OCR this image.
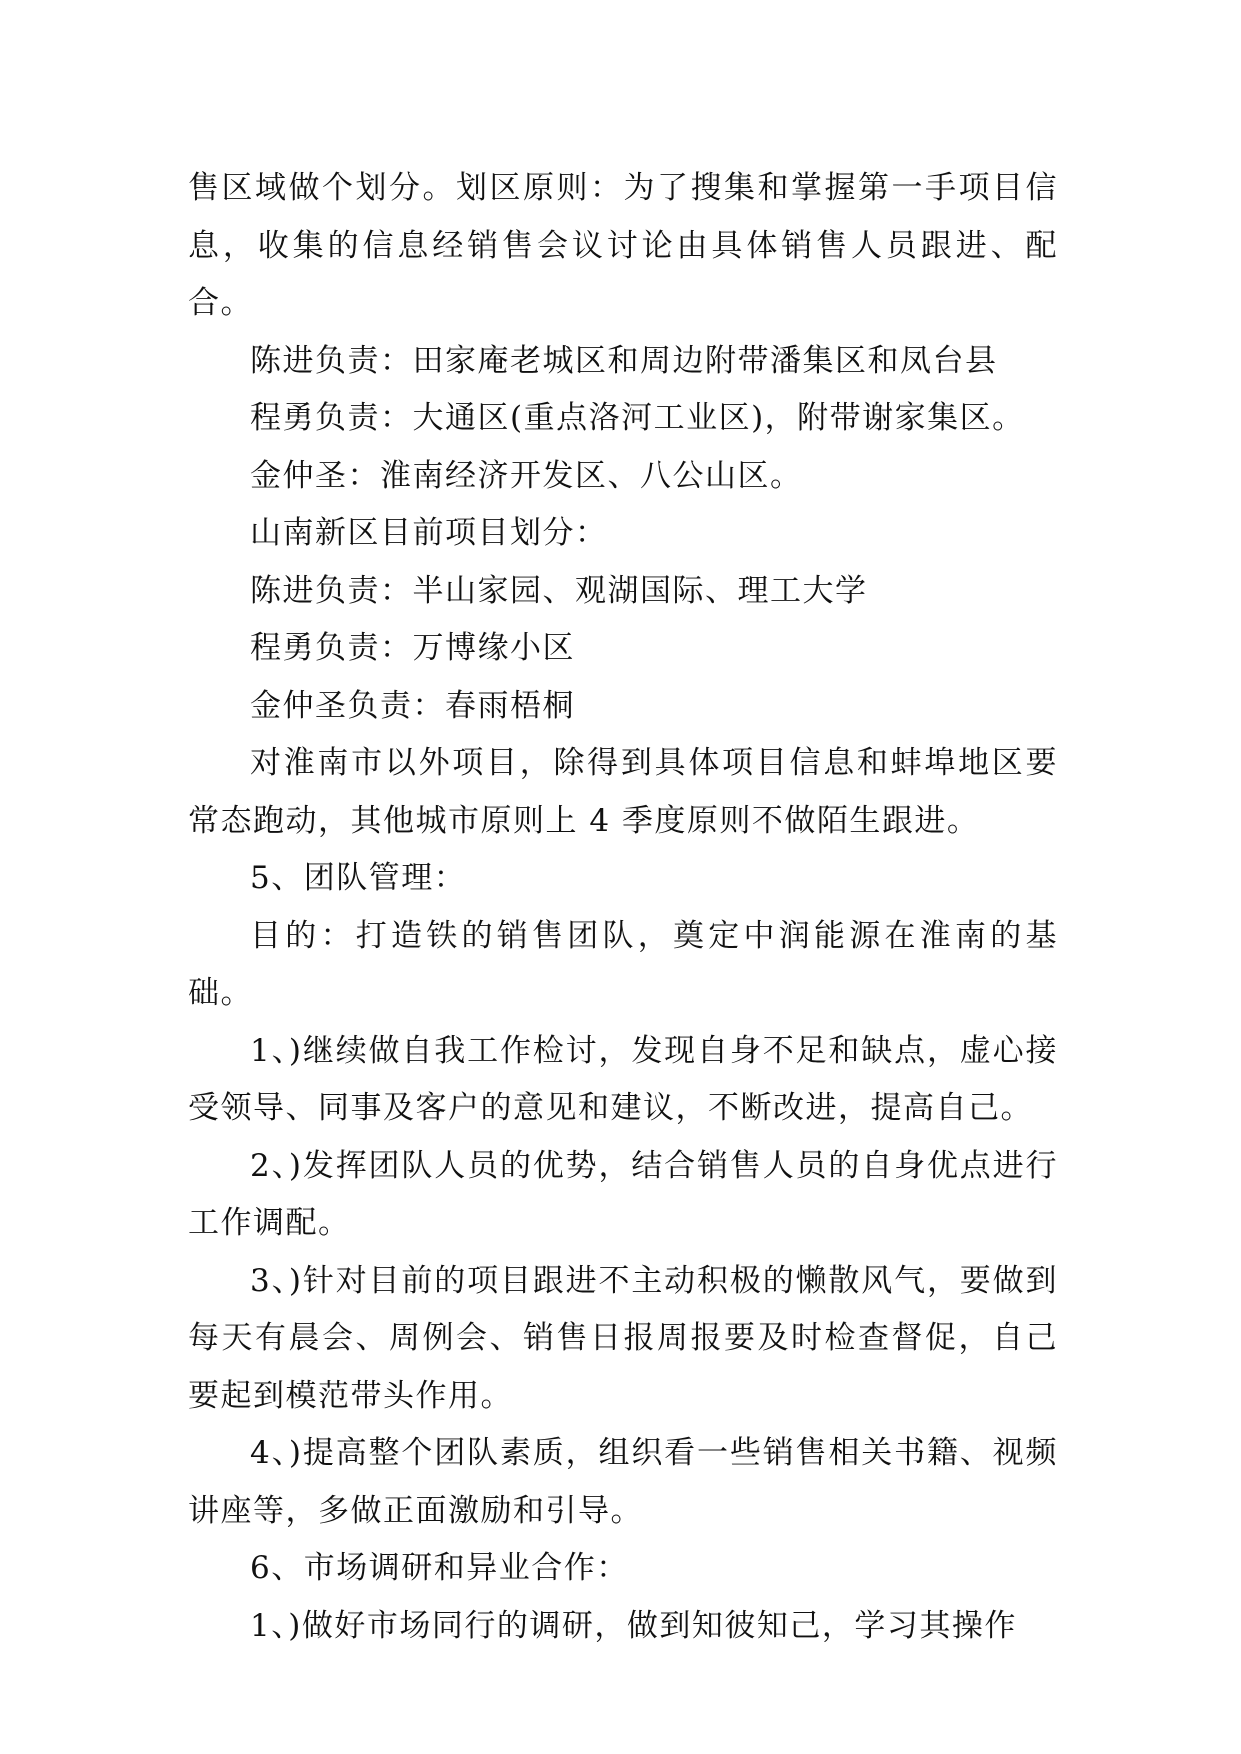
售区域做个划分。划区原则：为了搜集和掌握第一手项目信息，收集的信息经销售会议讨论由具体销售人员跟进、配合。

陈进负责：田家庵老城区和周边附带潘集区和凤台县

程勇负责：大通区(重点洛河工业区)，附带谢家集区。

金仲圣：淮南经济开发区、八公山区。

山南新区目前项目划分：

陈进负责：半山家园、观湖国际、理工大学

程勇负责：万博缘小区

金仲圣负责：春雨梧桐

对淮南市以外项目，除得到具体项目信息和蚌埠地区要常态跑动，其他城市原则上 4 季度原则不做陌生跟进。

5、团队管理：

目的：打造铁的销售团队，奠定中润能源在淮南的基础。

1、)继续做自我工作检讨，发现自身不足和缺点，虚心接受领导、同事及客户的意见和建议，不断改进，提高自己。

2、)发挥团队人员的优势，结合销售人员的自身优点进行工作调配。

3、)针对目前的项目跟进不主动积极的懒散风气，要做到每天有晨会、周例会、销售日报周报要及时检查督促，自己要起到模范带头作用。

4、)提高整个团队素质，组织看一些销售相关书籍、视频讲座等，多做正面激励和引导。

6、市场调研和异业合作：

1、)做好市场同行的调研，做到知彼知己，学习其操作
